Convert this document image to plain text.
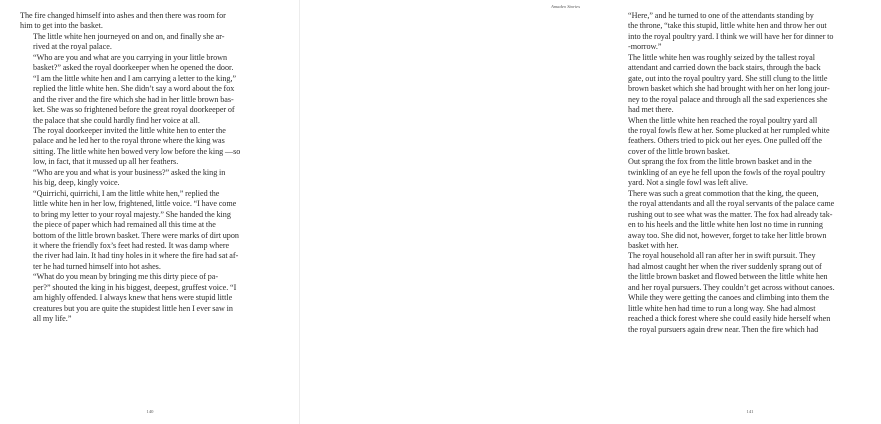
The fire changed himself into ashes and then there was room for
him to get into the basket.

The little white hen journeyed on and on, and finally she ar-
rived at the royal palace.

“Who are you and what are you carrying in your little brown
basket?” asked the royal doorkeeper when he opened the door.
“I am the little white hen and I am carrying a letter to the king,”
replied the little white hen. She didn’t say a word about the fox
and the river and the fire which she had in her little brown bas-
ket. She was so frightened before the great royal doorkeeper of
the palace that she could hardly find her voice at all.

The royal doorkeeper invited the little white hen to enter the
palace and he led her to the royal throne where the king was
sitting. The little white hen bowed very low before the king —so
low, in fact, that it mussed up all her feathers.

“Who are you and what is your business?” asked the king in
his big, deep, kingly voice.

“Quirrichi, quirrichi, I am the little white hen,” replied the
little white hen in her low, frightened, little voice. “I have come
to bring my letter to your royal majesty.” She handed the king
the piece of paper which had remained all this time at the
bottom of the little brown basket. There were marks of dirt upon
it where the friendly fox’s feet had rested. It was damp where
the river had lain. It had tiny holes in it where the fire had sat af-
ter he had turned himself into hot ashes.

“What do you mean by bringing me this dirty piece of pa-
per?” shouted the king in his biggest, deepest, gruffest voice. “I
am highly offended. I always knew that hens were stupid little
creatures but you are quite the stupidest little hen I ever saw in
all my life.”

140
Amadeo Stories

“Here,” and he turned to one of the attendants standing by
the throne, “take this stupid, little white hen and throw her out
into the royal poultry yard. I think we will have her for dinner to
-morrow.”

The little white hen was roughly seized by the tallest royal
attendant and carried down the back stairs, through the back
gate, out into the royal poultry yard. She still clung to the little
brown basket which she had brought with her on her long jour-
ney to the royal palace and through all the sad experiences she
had met there.

When the little white hen reached the royal poultry yard all
the royal fowls flew at her. Some plucked at her rumpled white
feathers. Others tried to pick out her eyes. One pulled off the
cover of the little brown basket.

Out sprang the fox from the little brown basket and in the
twinkling of an eye he fell upon the fowls of the royal poultry
yard. Not a single fowl was left alive.

There was such a great commotion that the king, the queen,
the royal attendants and all the royal servants of the palace came
rushing out to see what was the matter. The fox had already tak-
en to his heels and the little white hen lost no time in running
away too. She did not, however, forget to take her little brown
basket with her.

The royal household all ran after her in swift pursuit. They
had almost caught her when the river suddenly sprang out of
the little brown basket and flowed between the little white hen
and her royal pursuers. They couldn’t get across without canoes.
While they were getting the canoes and climbing into them the
little white hen had time to run a long way. She had almost
reached a thick forest where she could easily hide herself when
the royal pursuers again drew near. Then the fire which had

141
